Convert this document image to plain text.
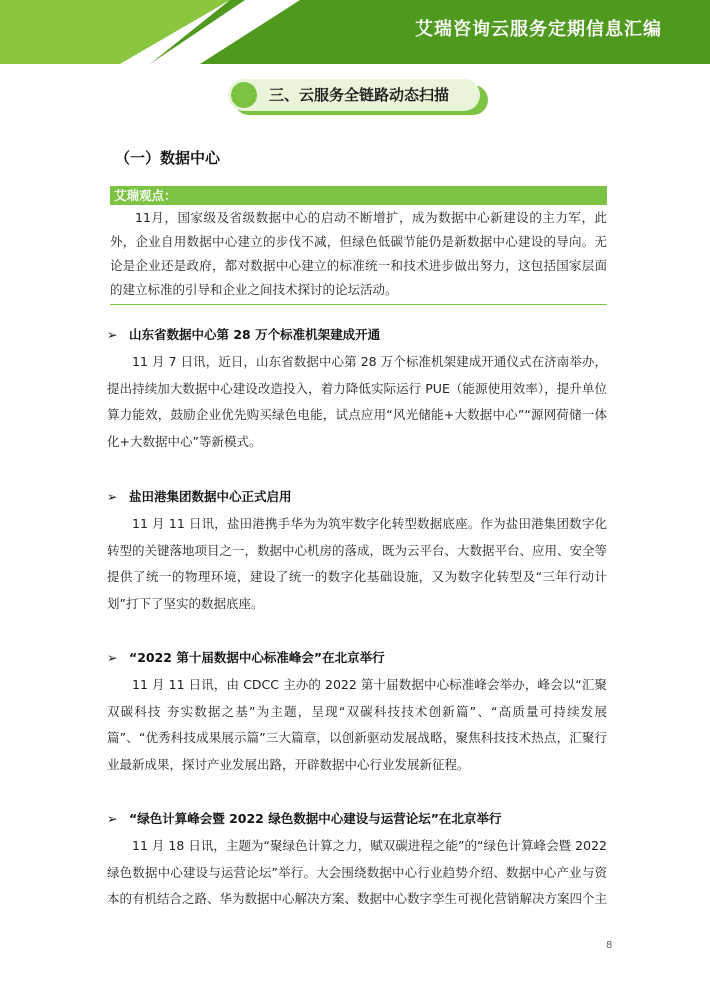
艾瑞咨询云服务定期信息汇编
三、云服务全链路动态扫描
（一）数据中心
艾瑞观点：
11月，国家级及省级数据中心的启动不断增扩，成为数据中心新建设的主力军，此外，企业自用数据中心建立的步伐不减，但绿色低碳节能仍是新数据中心建设的导向。无论是企业还是政府，都对数据中心建立的标准统一和技术进步做出努力，这包括国家层面的建立标准的引导和企业之间技术探讨的论坛活动。
➢ 山东省数据中心第 28 万个标准机架建成开通
11 月 7 日讯，近日，山东省数据中心第 28 万个标准机架建成开通仪式在济南举办，提出持续加大数据中心建设改造投入，着力降低实际运行 PUE（能源使用效率），提升单位算力能效，鼓励企业优先购买绿色电能，试点应用“风光储能+大数据中心”“源网荷储一体化+大数据中心”等新模式。
➢ 盐田港集团数据中心正式启用
11 月 11 日讯，盐田港携手华为为筑牢数字化转型数据底座。作为盐田港集团数字化转型的关键落地项目之一，数据中心机房的落成，既为云平台、大数据平台、应用、安全等提供了统一的物理环境，建设了统一的数字化基础设施，又为数字化转型及“三年行动计划”打下了坚实的数据底座。
➢ “2022 第十届数据中心标准峰会”在北京举行
11 月 11 日讯，由 CDCC 主办的 2022 第十届数据中心标准峰会举办，峰会以“汇聚双碳科技 夯实数据之基”为主题，呈现“双碳科技技术创新篇”、“高质量可持续发展篇”、“优秀科技成果展示篇”三大篇章，以创新驱动发展战略，聚焦科技技术热点，汇聚行业最新成果，探讨产业发展出路，开辟数据中心行业发展新征程。
➢ “绿色计算峰会暨 2022 绿色数据中心建设与运营论坛”在北京举行
11 月 18 日讯，主题为“聚绿色计算之力，赋双碳进程之能”的“绿色计算峰会暨 2022 绿色数据中心建设与运营论坛”举行。大会围绕数据中心行业趋势介绍、数据中心产业与资本的有机结合之路、华为数据中心解决方案、数据中心数字孪生可视化营销解决方案四个主
8
